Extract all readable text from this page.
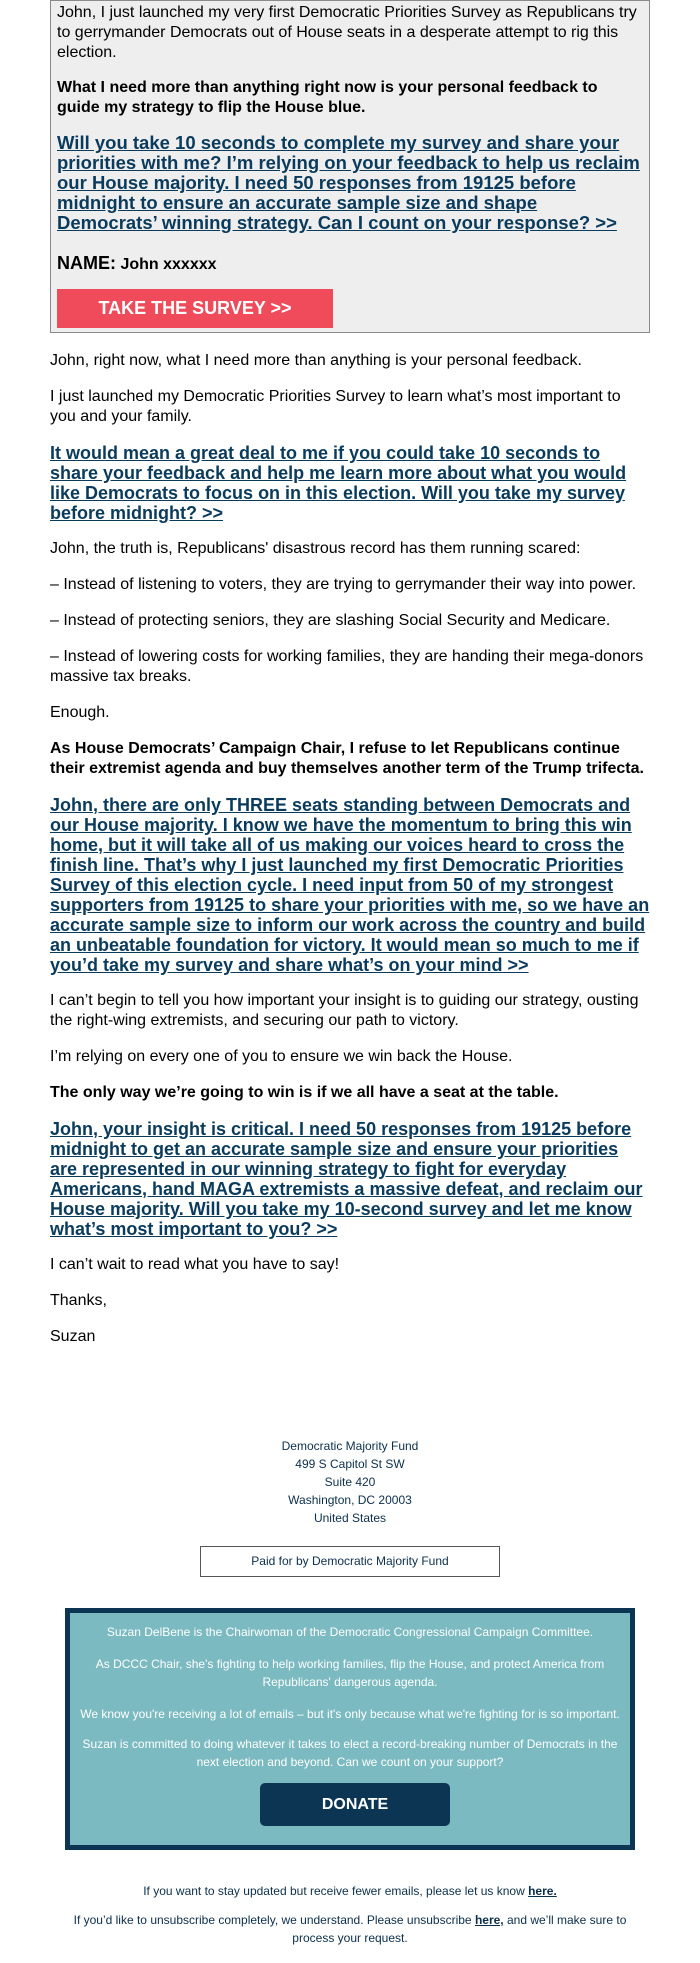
John, I just launched my very first Democratic Priorities Survey as Republicans try to gerrymander Democrats out of House seats in a desperate attempt to rig this election.

What I need more than anything right now is your personal feedback to guide my strategy to flip the House blue.

Will you take 10 seconds to complete my survey and share your priorities with me? I’m relying on your feedback to help us reclaim our House majority. I need 50 responses from 19125 before midnight to ensure an accurate sample size and shape Democrats’ winning strategy. Can I count on your response? >>

NAME: John xxxxxx

TAKE THE SURVEY >>

John, right now, what I need more than anything is your personal feedback.

I just launched my Democratic Priorities Survey to learn what’s most important to you and your family.

It would mean a great deal to me if you could take 10 seconds to share your feedback and help me learn more about what you would like Democrats to focus on in this election. Will you take my survey before midnight? >>

John, the truth is, Republicans' disastrous record has them running scared:

– Instead of listening to voters, they are trying to gerrymander their way into power.

– Instead of protecting seniors, they are slashing Social Security and Medicare.

– Instead of lowering costs for working families, they are handing their mega-donors massive tax breaks.

Enough.

As House Democrats’ Campaign Chair, I refuse to let Republicans continue their extremist agenda and buy themselves another term of the Trump trifecta.

John, there are only THREE seats standing between Democrats and our House majority. I know we have the momentum to bring this win home, but it will take all of us making our voices heard to cross the finish line. That’s why I just launched my first Democratic Priorities Survey of this election cycle. I need input from 50 of my strongest supporters from 19125 to share your priorities with me, so we have an accurate sample size to inform our work across the country and build an unbeatable foundation for victory. It would mean so much to me if you’d take my survey and share what’s on your mind >>

I can’t begin to tell you how important your insight is to guiding our strategy, ousting the right-wing extremists, and securing our path to victory.

I’m relying on every one of you to ensure we win back the House.

The only way we’re going to win is if we all have a seat at the table.

John, your insight is critical. I need 50 responses from 19125 before midnight to get an accurate sample size and ensure your priorities are represented in our winning strategy to fight for everyday Americans, hand MAGA extremists a massive defeat, and reclaim our House majority. Will you take my 10-second survey and let me know what’s most important to you? >>

I can’t wait to read what you have to say!

Thanks,

Suzan

Democratic Majority Fund
499 S Capitol St SW
Suite 420
Washington, DC 20003
United States
Paid for by Democratic Majority Fund

Suzan DelBene is the Chairwoman of the Democratic Congressional Campaign Committee.

As DCCC Chair, she's fighting to help working families, flip the House, and protect America from Republicans' dangerous agenda.

We know you're receiving a lot of emails – but it's only because what we're fighting for is so important.

Suzan is committed to doing whatever it takes to elect a record-breaking number of Democrats in the next election and beyond. Can we count on your support?

DONATE
If you want to stay updated but receive fewer emails, please let us know here.
If you’d like to unsubscribe completely, we understand. Please unsubscribe here, and we’ll make sure to process your request.
